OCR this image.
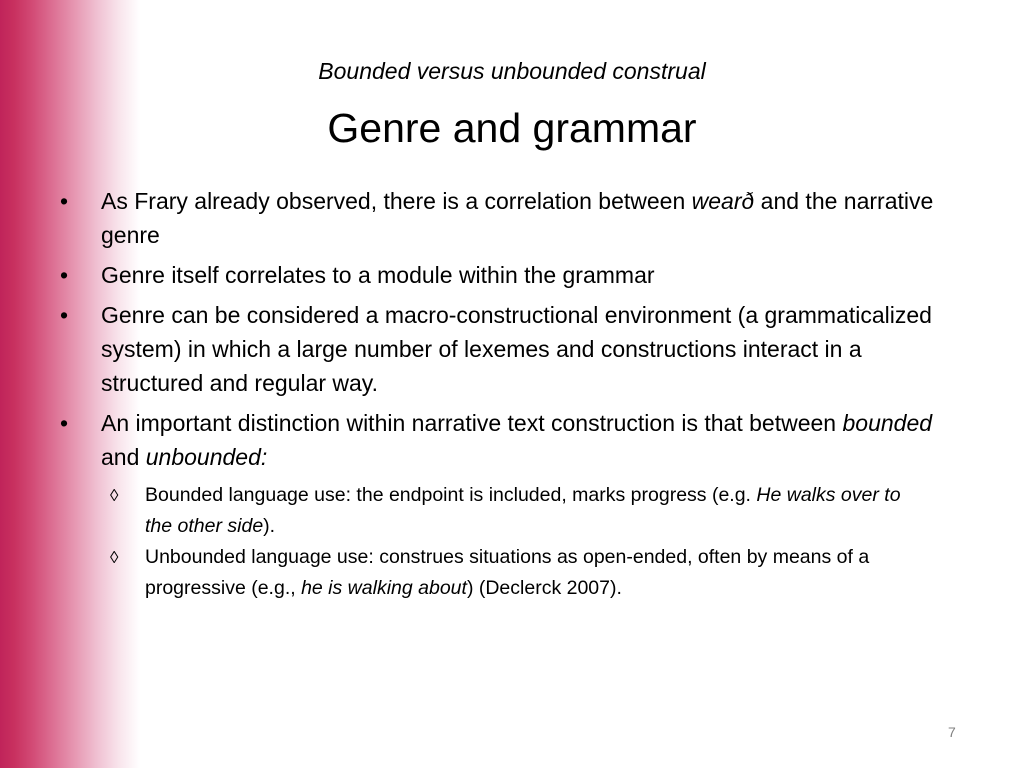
Bounded versus unbounded construal
Genre and grammar
• As Frary already observed, there is a correlation between wearð and the narrative genre
• Genre itself correlates to a module within the grammar
• Genre can be considered a macro-constructional environment (a grammaticalized system) in which a large number of lexemes and constructions interact in a structured and regular way.
• An important distinction within narrative text construction is that between bounded and unbounded:
◊ Bounded language use: the endpoint is included, marks progress (e.g. He walks over to the other side).
◊ Unbounded language use: construes situations as open-ended, often by means of a progressive (e.g., he is walking about) (Declerck 2007).
7
